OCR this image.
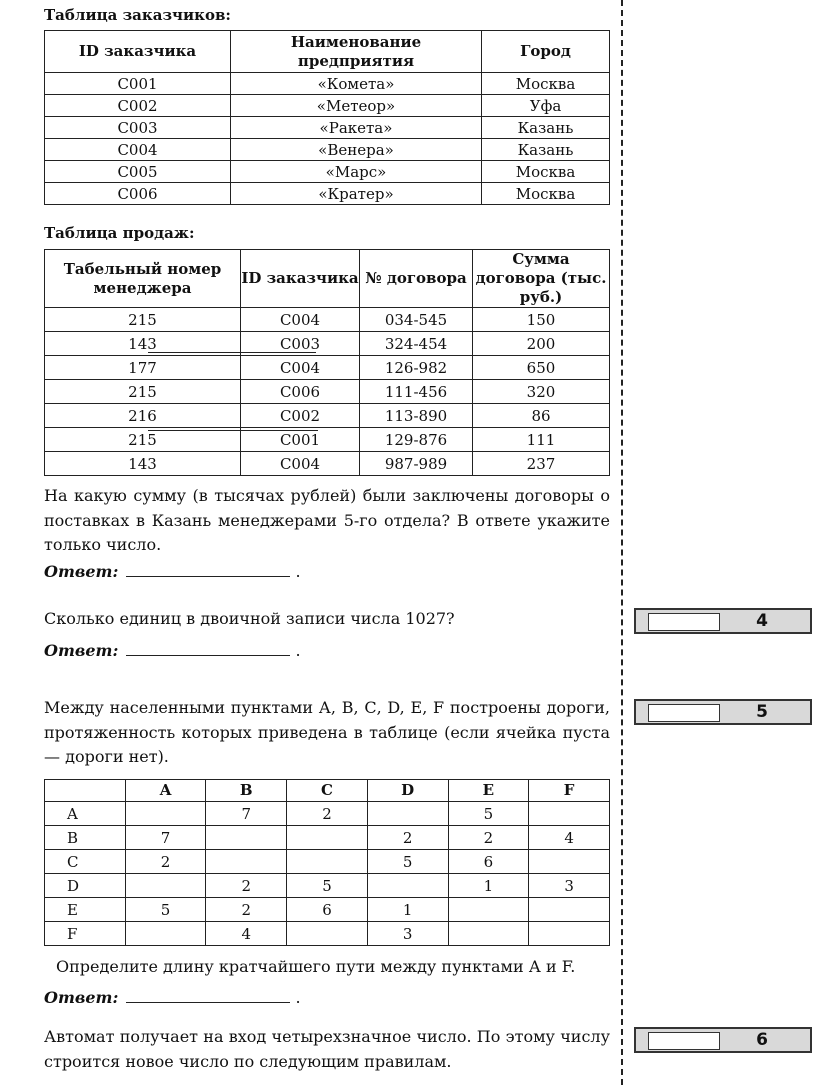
Таблица заказчиков:
ID заказчика	Наименование предприятия	Город
С001	«Комета»	Москва
С002	«Метеор»	Уфа
С003	«Ракета»	Казань
С004	«Венера»	Казань
С005	«Марс»	Москва
С006	«Кратер»	Москва
Таблица продаж:
Табельный номер менеджера	ID заказчика	№ договора	Сумма договора (тыс. руб.)
215	С004	034-545	150
143	С003	324-454	200
177	С004	126-982	650
215	С006	111-456	320
216	С002	113-890	86
215	С001	129-876	111
143	С004	987-989	237
На какую сумму (в тысячах рублей) были заключены договоры о поставках в Казань менеджерами 5-го отдела? В ответе укажите только число.
Ответ:	.
Сколько единиц в двоичной записи числа 1027?
Ответ:	.
Между населенными пунктами А, В, С, D, Е, F построены дороги, протяженность которых приведена в таблице (если ячейка пуста — дороги нет).
	A	B	C	D	E	F
A		7	2		5	
B	7			2	2	4
C	2			5	6	
D		2	5		1	3
E	5	2	6	1		
F		4		3		
Определите длину кратчайшего пути между пунктами А и F.
Ответ:	.
Автомат получает на вход четырехзначное число. По этому числу строится новое число по следующим правилам.
4
5
6
